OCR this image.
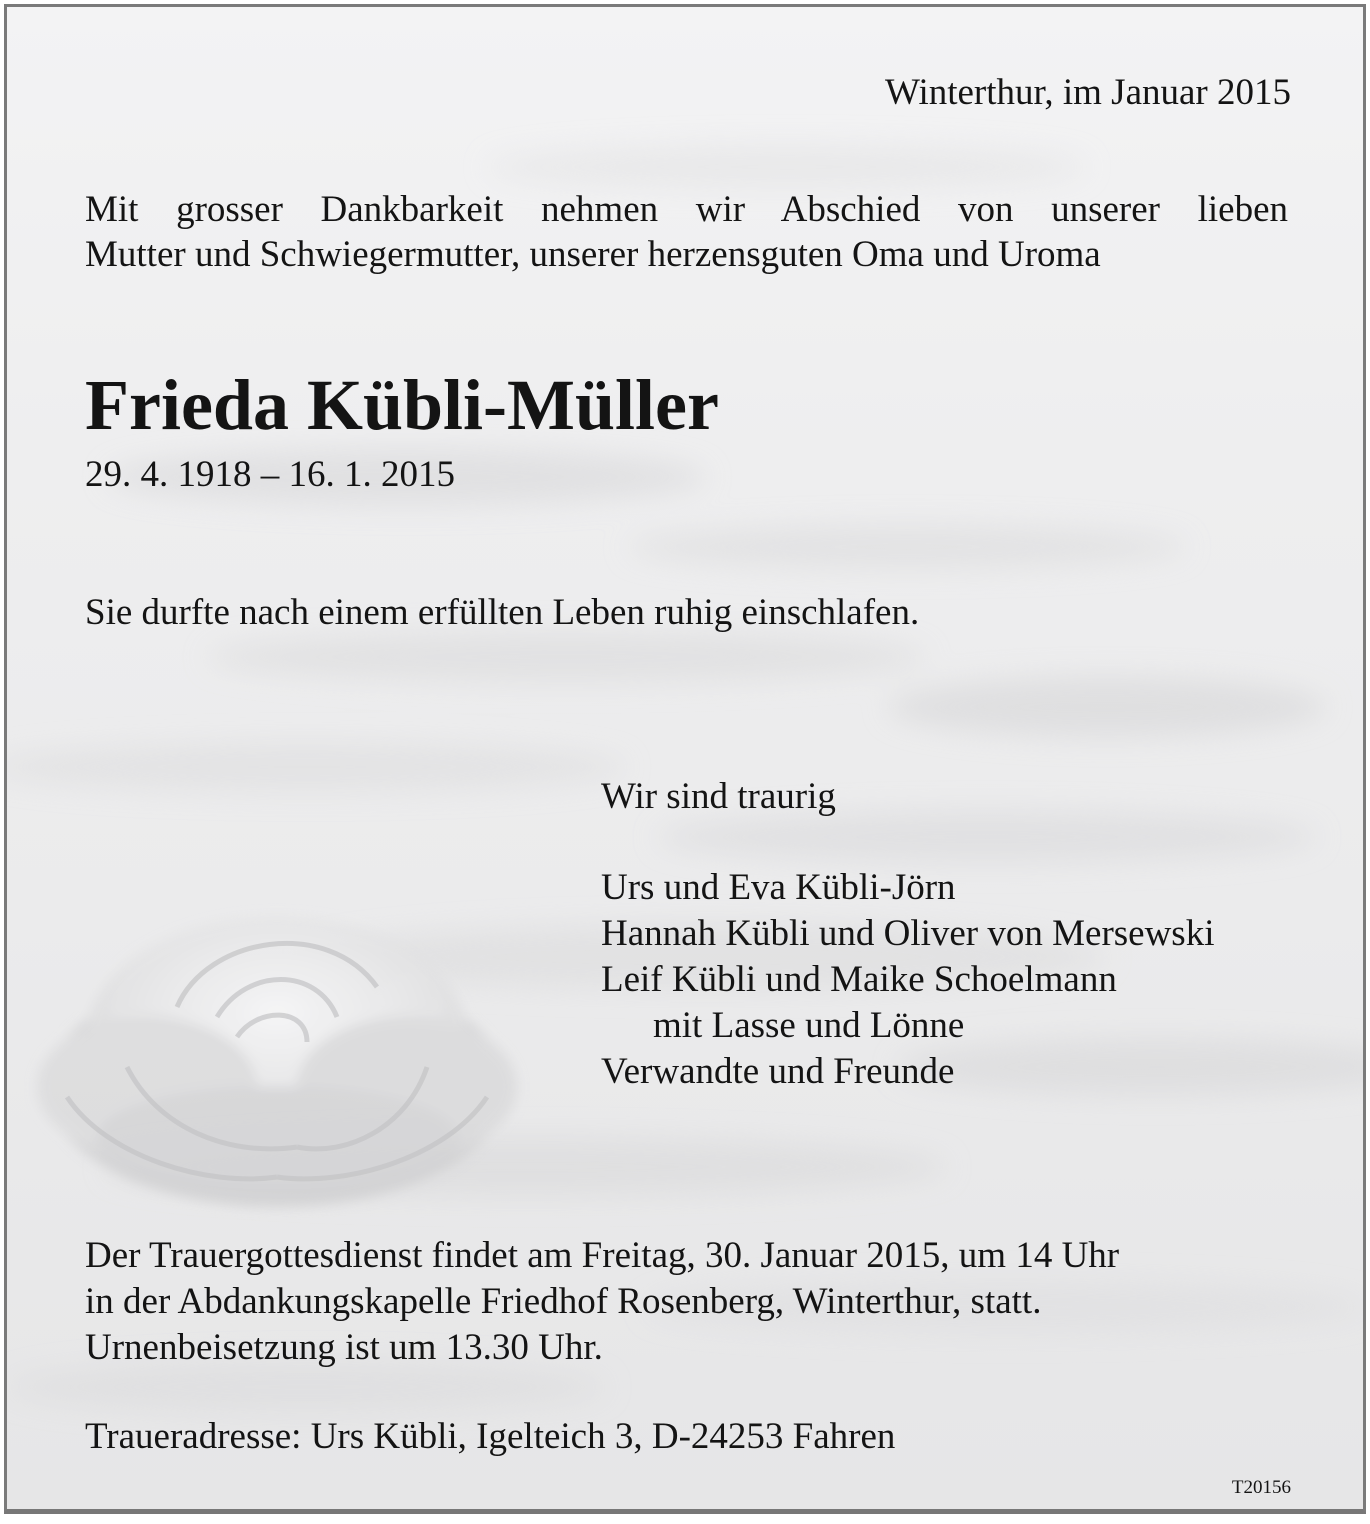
Winterthur, im Januar 2015
Mit grosser Dankbarkeit nehmen wir Abschied von unserer lieben
Mutter und Schwiegermutter, unserer herzensguten Oma und Uroma
Frieda Kübli-Müller
29. 4. 1918 – 16. 1. 2015
Sie durfte nach einem erfüllten Leben ruhig einschlafen.
Wir sind traurig
Urs und Eva Kübli-Jörn
Hannah Kübli und Oliver von Mersewski
Leif Kübli und Maike Schoelmann
mit Lasse und Lönne
Verwandte und Freunde
Der Trauergottesdienst findet am Freitag, 30. Januar 2015, um 14 Uhr
in der Abdankungskapelle Friedhof Rosenberg, Winterthur, statt.
Urnenbeisetzung ist um 13.30 Uhr.
Traueradresse: Urs Kübli, Igelteich 3, D-24253 Fahren
T20156
